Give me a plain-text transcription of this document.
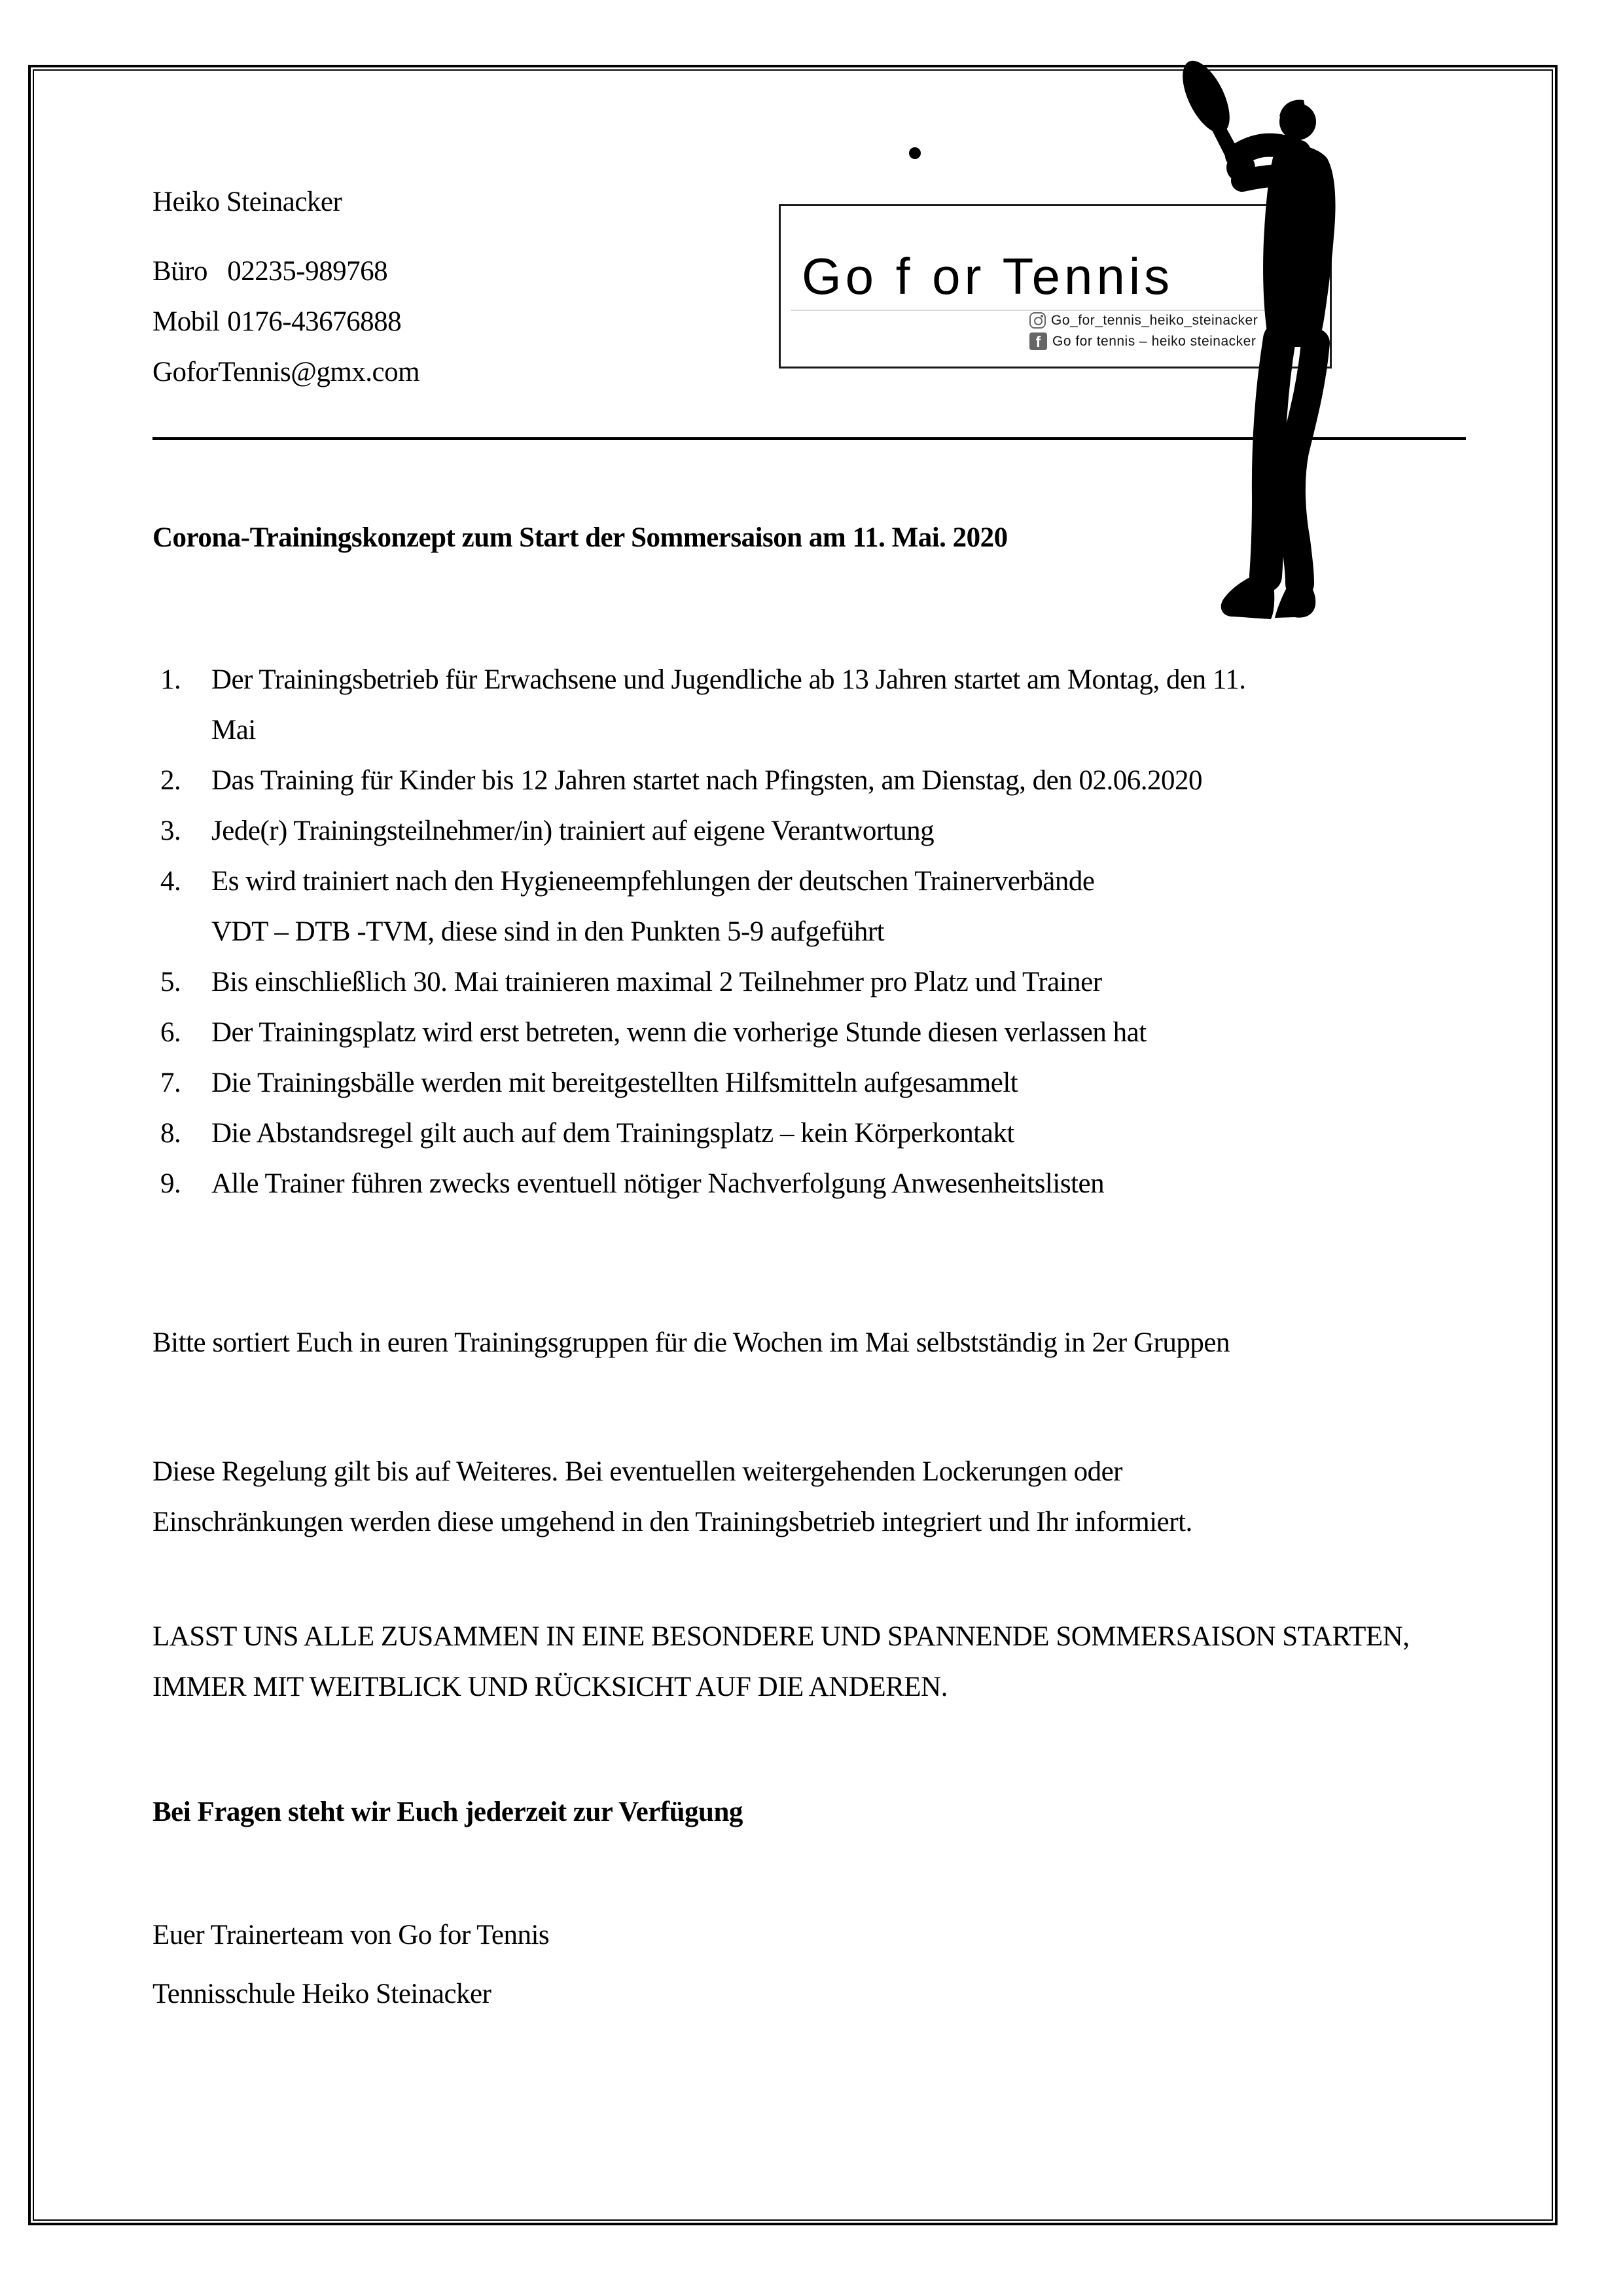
Heiko Steinacker
Büro 02235-989768
Mobil 0176-43676888
GoforTennis@gmx.com
Go f or Tennis
Go_for_tennis_heiko_steinacker
f Go for tennis – heiko steinacker
Corona-Trainingskonzept zum Start der Sommersaison am 11. Mai. 2020
1. Der Trainingsbetrieb für Erwachsene und Jugendliche ab 13 Jahren startet am Montag, den 11.
Mai
2. Das Training für Kinder bis 12 Jahren startet nach Pfingsten, am Dienstag, den 02.06.2020
3. Jede(r) Trainingsteilnehmer/in) trainiert auf eigene Verantwortung
4. Es wird trainiert nach den Hygieneempfehlungen der deutschen Trainerverbände
VDT – DTB -TVM, diese sind in den Punkten 5-9 aufgeführt
5. Bis einschließlich 30. Mai trainieren maximal 2 Teilnehmer pro Platz und Trainer
6. Der Trainingsplatz wird erst betreten, wenn die vorherige Stunde diesen verlassen hat
7. Die Trainingsbälle werden mit bereitgestellten Hilfsmitteln aufgesammelt
8. Die Abstandsregel gilt auch auf dem Trainingsplatz – kein Körperkontakt
9. Alle Trainer führen zwecks eventuell nötiger Nachverfolgung Anwesenheitslisten
Bitte sortiert Euch in euren Trainingsgruppen für die Wochen im Mai selbstständig in 2er Gruppen
Diese Regelung gilt bis auf Weiteres. Bei eventuellen weitergehenden Lockerungen oder
Einschränkungen werden diese umgehend in den Trainingsbetrieb integriert und Ihr informiert.
LASST UNS ALLE ZUSAMMEN IN EINE BESONDERE UND SPANNENDE SOMMERSAISON STARTEN,
IMMER MIT WEITBLICK UND RÜCKSICHT AUF DIE ANDEREN.
Bei Fragen steht wir Euch jederzeit zur Verfügung
Euer Trainerteam von Go for Tennis
Tennisschule Heiko Steinacker
